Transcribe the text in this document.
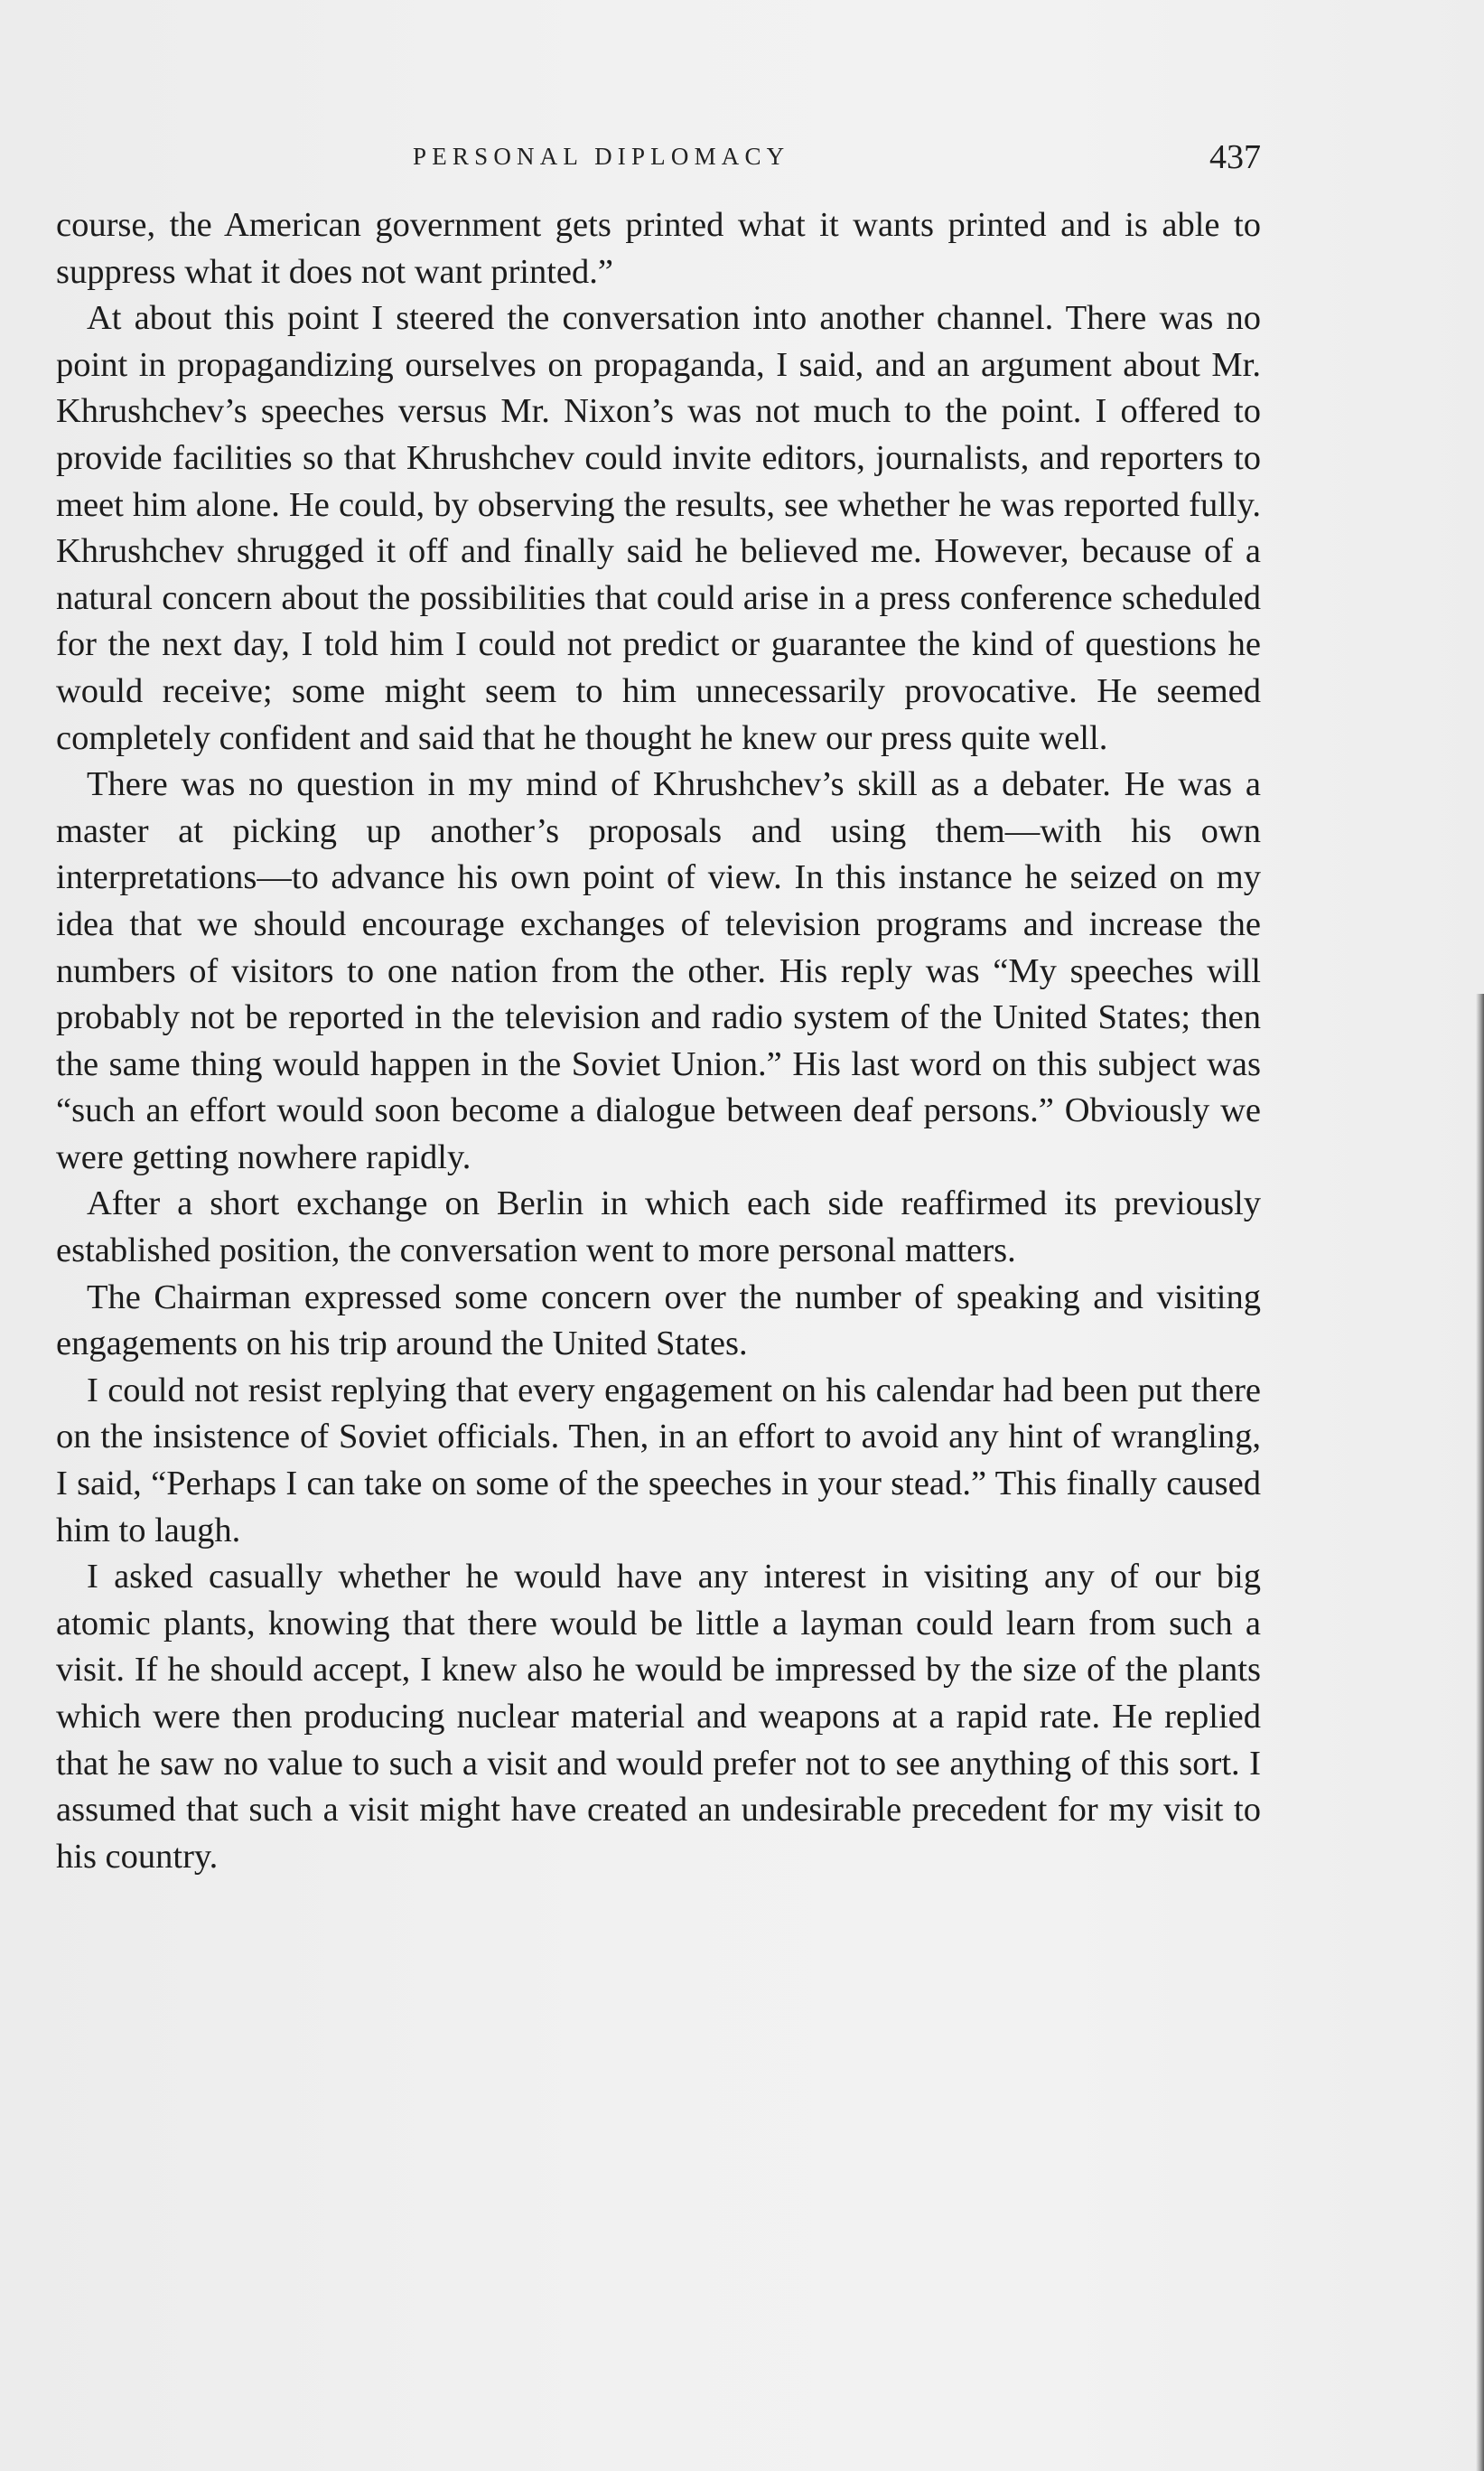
PERSONAL DIPLOMACY	437

course, the American government gets printed what it wants printed and is able to suppress what it does not want printed.”

At about this point I steered the conversation into another channel. There was no point in propagandizing ourselves on propaganda, I said, and an argument about Mr. Khrushchev’s speeches versus Mr. Nixon’s was not much to the point. I offered to provide facilities so that Khrushchev could invite editors, journalists, and reporters to meet him alone. He could, by observing the results, see whether he was reported fully. Khrushchev shrugged it off and finally said he believed me. However, because of a natural concern about the possibilities that could arise in a press conference scheduled for the next day, I told him I could not predict or guarantee the kind of questions he would receive; some might seem to him unnecessarily provocative. He seemed completely confident and said that he thought he knew our press quite well.

There was no question in my mind of Khrushchev’s skill as a debater. He was a master at picking up another’s proposals and using them—with his own interpretations—to advance his own point of view. In this instance he seized on my idea that we should encourage exchanges of television programs and increase the numbers of visitors to one nation from the other. His reply was “My speeches will probably not be reported in the television and radio system of the United States; then the same thing would happen in the Soviet Union.” His last word on this subject was “such an effort would soon become a dialogue between deaf persons.” Obviously we were getting nowhere rapidly.

After a short exchange on Berlin in which each side reaffirmed its previously established position, the conversation went to more personal matters.

The Chairman expressed some concern over the number of speaking and visiting engagements on his trip around the United States.

I could not resist replying that every engagement on his calendar had been put there on the insistence of Soviet officials. Then, in an effort to avoid any hint of wrangling, I said, “Perhaps I can take on some of the speeches in your stead.” This finally caused him to laugh.

I asked casually whether he would have any interest in visiting any of our big atomic plants, knowing that there would be little a layman could learn from such a visit. If he should accept, I knew also he would be impressed by the size of the plants which were then producing nuclear material and weapons at a rapid rate. He replied that he saw no value to such a visit and would prefer not to see anything of this sort. I assumed that such a visit might have created an undesirable precedent for my visit to his country.
